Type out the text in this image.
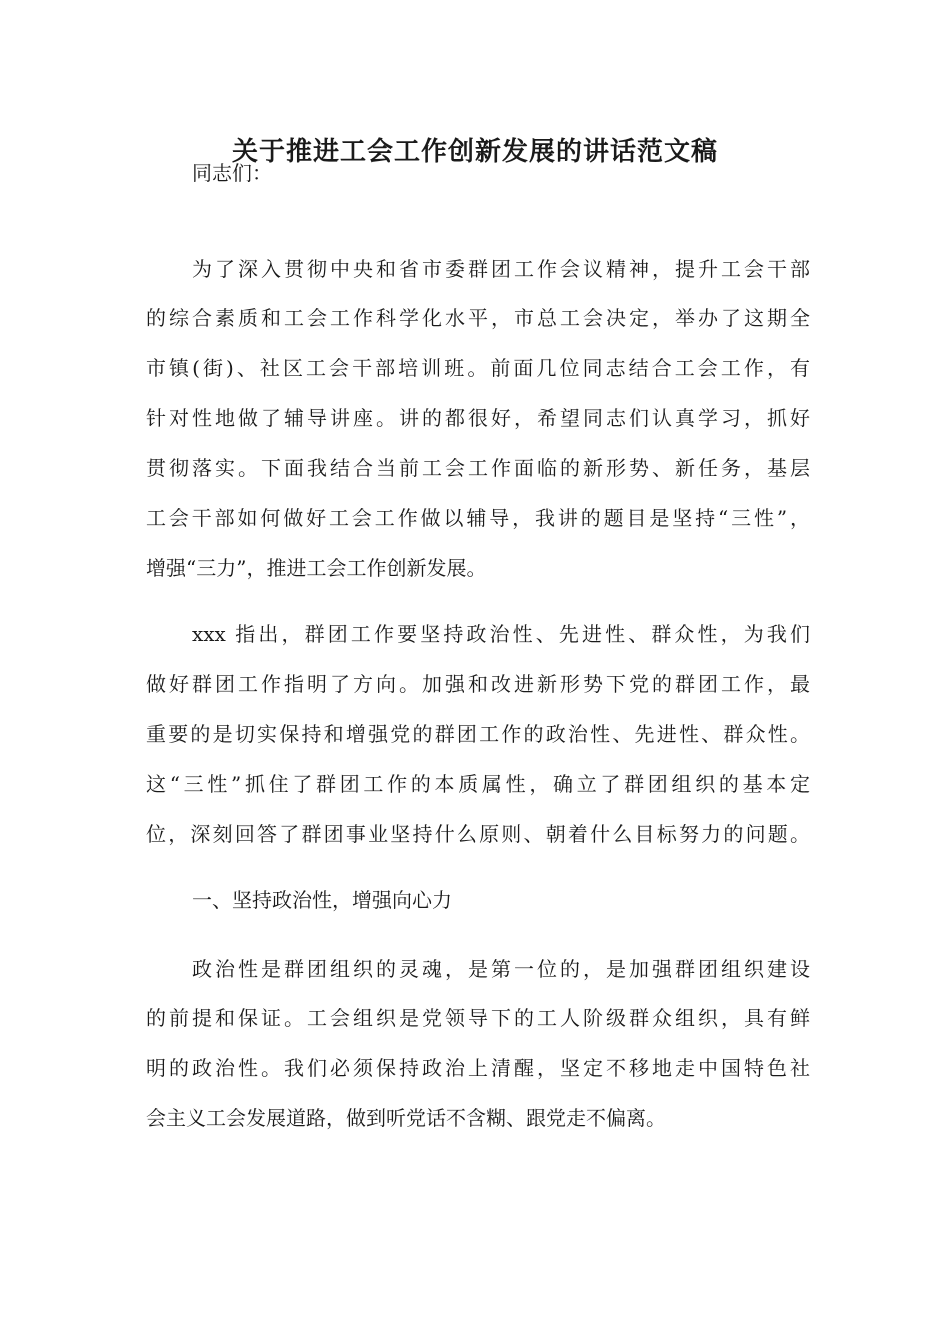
关于推进工会工作创新发展的讲话范文稿

同志们：

为了深入贯彻中央和省市委群团工作会议精神，提升工会干部

的综合素质和工会工作科学化水平，市总工会决定，举办了这期全

市镇(街)、社区工会干部培训班。前面几位同志结合工会工作，有

针对性地做了辅导讲座。讲的都很好，希望同志们认真学习，抓好

贯彻落实。下面我结合当前工会工作面临的新形势、新任务，基层

工会干部如何做好工会工作做以辅导，我讲的题目是坚持“三性”，

增强“三力”，推进工会工作创新发展。

xxx 指出，群团工作要坚持政治性、先进性、群众性，为我们

做好群团工作指明了方向。加强和改进新形势下党的群团工作，最

重要的是切实保持和增强党的群团工作的政治性、先进性、群众性。

这“三性”抓住了群团工作的本质属性，确立了群团组织的基本定

位，深刻回答了群团事业坚持什么原则、朝着什么目标努力的问题。

一、坚持政治性，增强向心力

政治性是群团组织的灵魂，是第一位的，是加强群团组织建设

的前提和保证。工会组织是党领导下的工人阶级群众组织，具有鲜

明的政治性。我们必须保持政治上清醒，坚定不移地走中国特色社

会主义工会发展道路，做到听党话不含糊、跟党走不偏离。
